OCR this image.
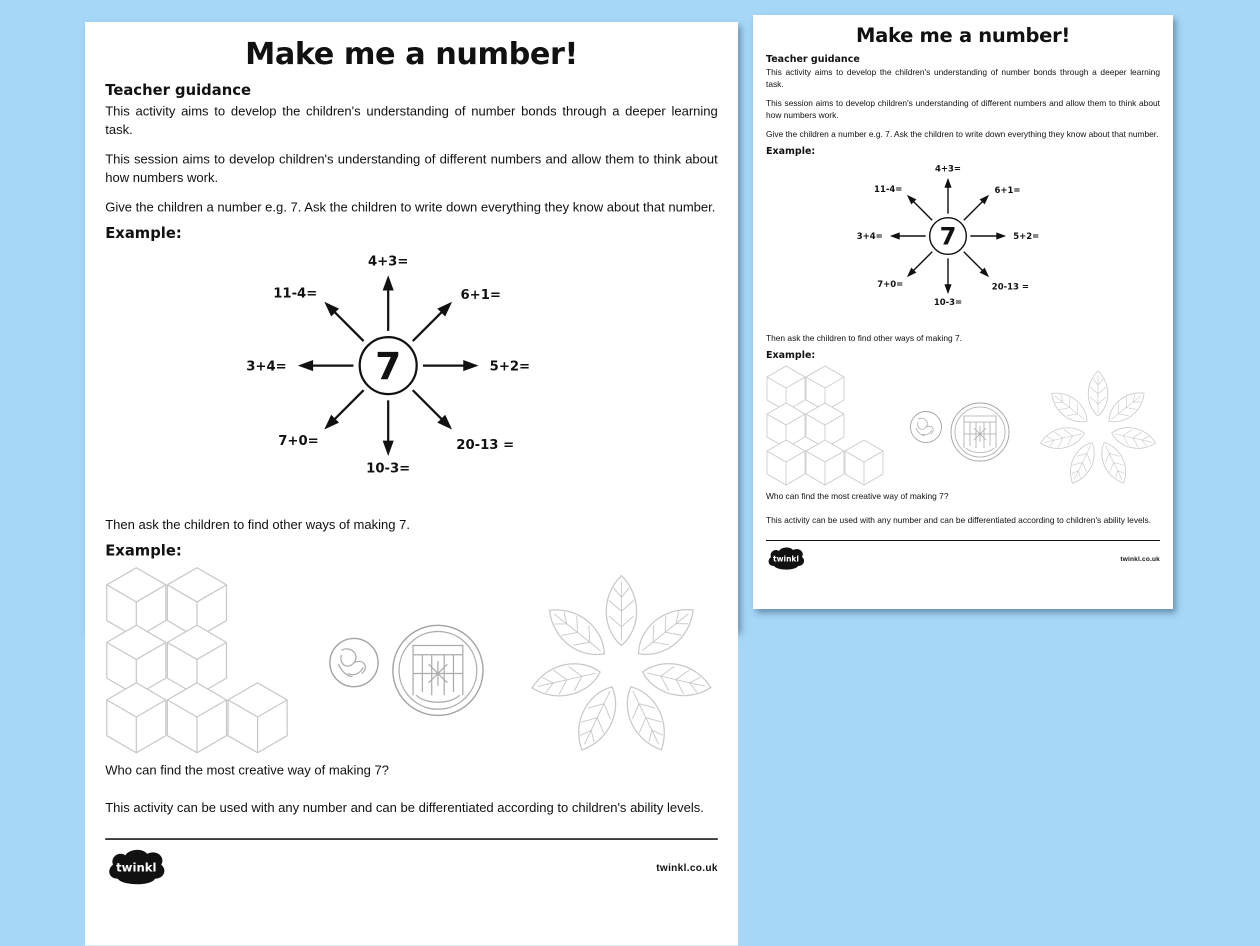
Make me a number!
Teacher guidance

This activity aims to develop the children's understanding of number bonds through a deeper learning task.

This session aims to develop children's understanding of different numbers and allow them to think about how numbers work.

Give the children a number e.g. 7. Ask the children to write down everything they know about that number.

Example:
7
4+3=
6+1=
5+2=
20-13 =
10-3=
7+0=
3+4=
11-4=

Then ask the children to find other ways of making 7.

Example:

Who can find the most creative way of making 7?

This activity can be used with any number and can be differentiated according to children's ability levels.

twinkl	twinkl.co.uk
Make me a number!
Teacher guidance

This activity aims to develop the children's understanding of number bonds through a deeper learning task.

This session aims to develop children's understanding of different numbers and allow them to think about how numbers work.

Give the children a number e.g. 7. Ask the children to write down everything they know about that number.

Example:
7
4+3=
6+1=
5+2=
20-13 =
10-3=
7+0=
3+4=
11-4=

Then ask the children to find other ways of making 7.

Example:

Who can find the most creative way of making 7?

This activity can be used with any number and can be differentiated according to children's ability levels.

twinkl	twinkl.co.uk
